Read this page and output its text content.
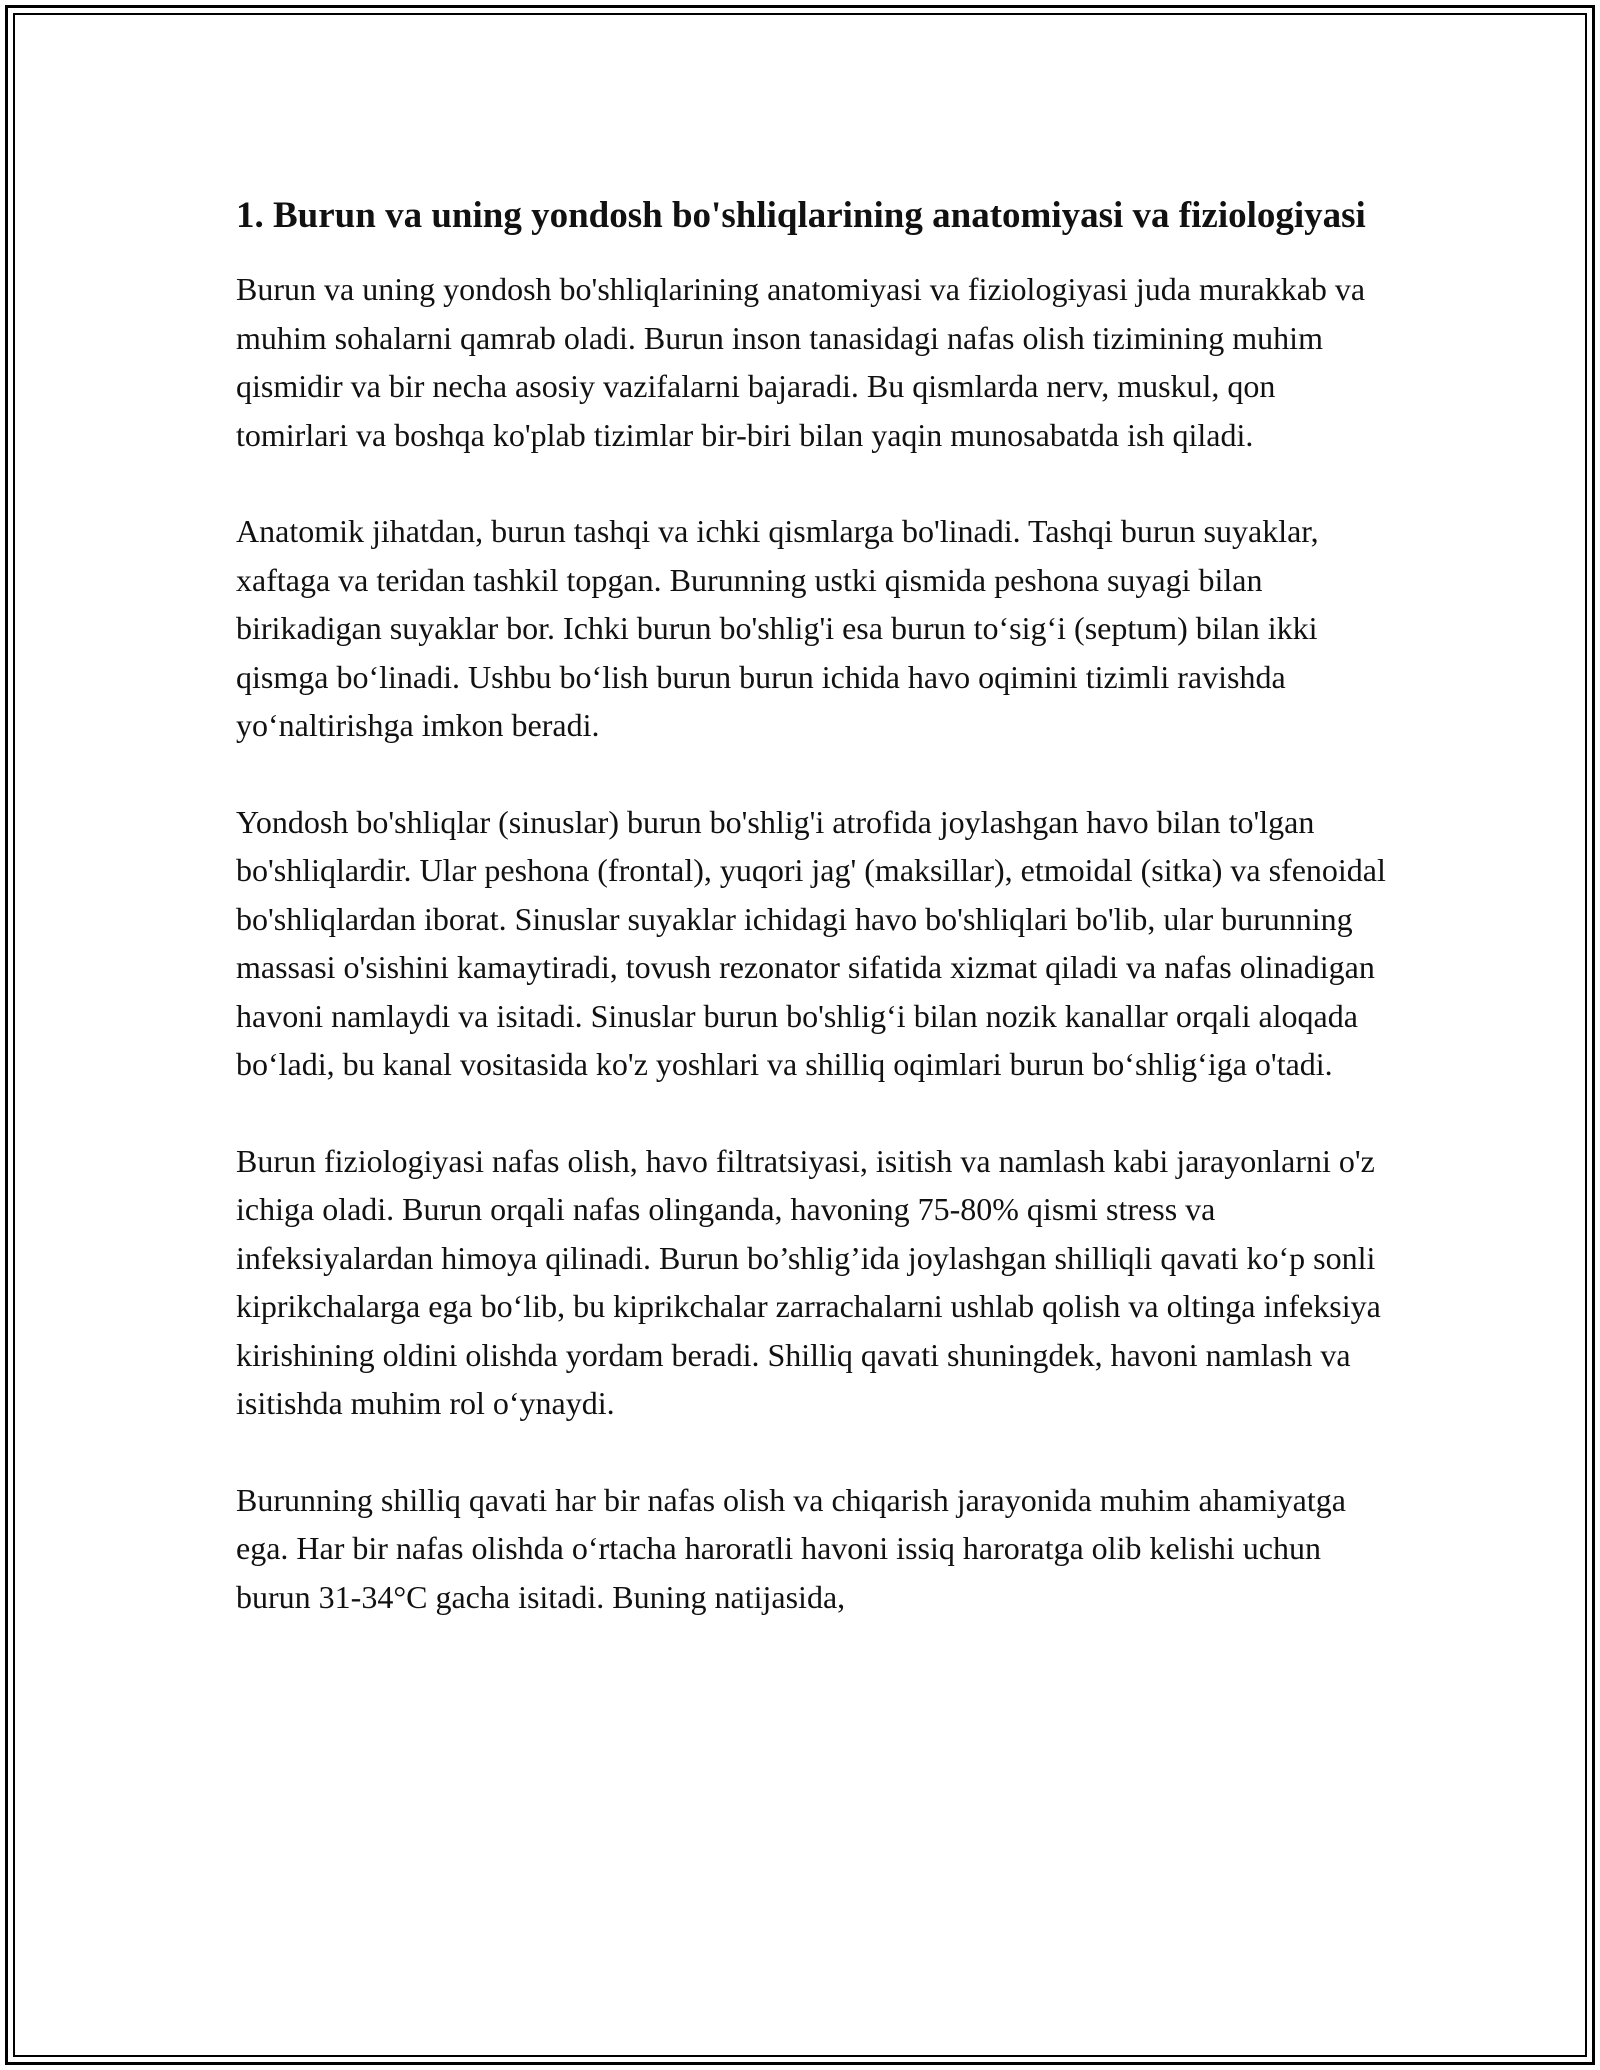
1. Burun va uning yondosh bo'shliqlarining anatomiyasi va fiziologiyasi

Burun va uning yondosh bo'shliqlarining anatomiyasi va fiziologiyasi juda murakkab va muhim sohalarni qamrab oladi. Burun inson tanasidagi nafas olish tizimining muhim qismidir va bir necha asosiy vazifalarni bajaradi. Bu qismlarda nerv, muskul, qon tomirlari va boshqa ko'plab tizimlar bir-biri bilan yaqin munosabatda ish qiladi.

Anatomik jihatdan, burun tashqi va ichki qismlarga bo'linadi. Tashqi burun suyaklar, xaftaga va teridan tashkil topgan. Burunning ustki qismida peshona suyagi bilan birikadigan suyaklar bor. Ichki burun bo'shlig'i esa burun to‘sig‘i (septum) bilan ikki qismga bo‘linadi. Ushbu bo‘lish burun burun ichida havo oqimini tizimli ravishda yo‘naltirishga imkon beradi.

Yondosh bo'shliqlar (sinuslar) burun bo'shlig'i atrofida joylashgan havo bilan to'lgan bo'shliqlardir. Ular peshona (frontal), yuqori jag' (maksillar), etmoidal (sitka) va sfenoidal bo'shliqlardan iborat. Sinuslar suyaklar ichidagi havo bo'shliqlari bo'lib, ular burunning massasi o'sishini kamaytiradi, tovush rezonator sifatida xizmat qiladi va nafas olinadigan havoni namlaydi va isitadi. Sinuslar burun bo'shlig‘i bilan nozik kanallar orqali aloqada bo‘ladi, bu kanal vositasida ko'z yoshlari va shilliq oqimlari burun bo‘shlig‘iga o'tadi.

Burun fiziologiyasi nafas olish, havo filtratsiyasi, isitish va namlash kabi jarayonlarni o'z ichiga oladi. Burun orqali nafas olinganda, havoning 75-80% qismi stress va infeksiyalardan himoya qilinadi. Burun bo’shlig’ida joylashgan shilliqli qavati ko‘p sonli kiprikchalarga ega bo‘lib, bu kiprikchalar zarrachalarni ushlab qolish va oltinga infeksiya kirishining oldini olishda yordam beradi. Shilliq qavati shuningdek, havoni namlash va isitishda muhim rol o‘ynaydi.

Burunning shilliq qavati har bir nafas olish va chiqarish jarayonida muhim ahamiyatga ega. Har bir nafas olishda o‘rtacha haroratli havoni issiq haroratga olib kelishi uchun burun 31-34°C gacha isitadi. Buning natijasida,
